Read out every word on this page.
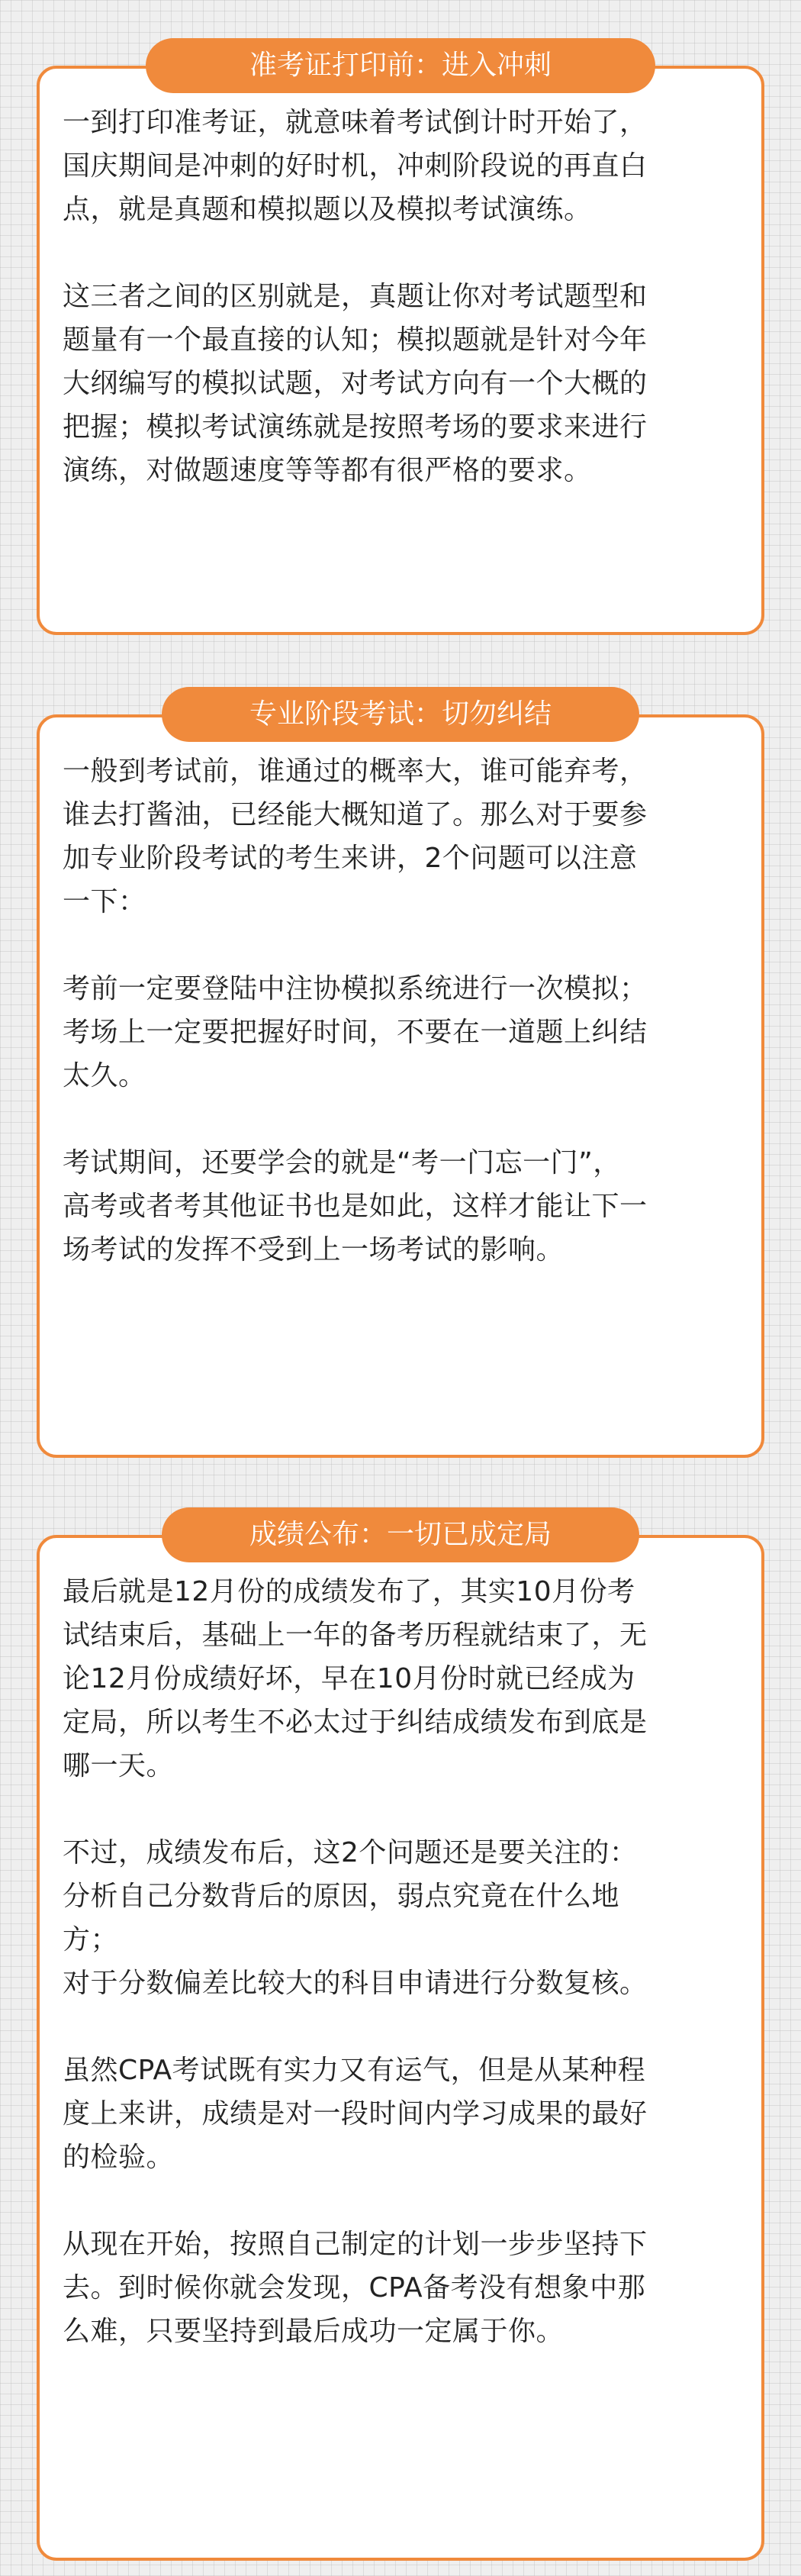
准考证打印前：进入冲刺

一到打印准考证，就意味着考试倒计时开始了，
国庆期间是冲刺的好时机，冲刺阶段说的再直白
点，就是真题和模拟题以及模拟考试演练。

这三者之间的区别就是，真题让你对考试题型和
题量有一个最直接的认知；模拟题就是针对今年
大纲编写的模拟试题，对考试方向有一个大概的
把握；模拟考试演练就是按照考场的要求来进行
演练，对做题速度等等都有很严格的要求。

专业阶段考试：切勿纠结

一般到考试前，谁通过的概率大，谁可能弃考，
谁去打酱油，已经能大概知道了。那么对于要参
加专业阶段考试的考生来讲，2个问题可以注意
一下：

考前一定要登陆中注协模拟系统进行一次模拟；
考场上一定要把握好时间，不要在一道题上纠结
太久。

考试期间，还要学会的就是“考一门忘一门”，
高考或者考其他证书也是如此，这样才能让下一
场考试的发挥不受到上一场考试的影响。

成绩公布：一切已成定局

最后就是12月份的成绩发布了，其实10月份考
试结束后，基础上一年的备考历程就结束了，无
论12月份成绩好坏，早在10月份时就已经成为
定局，所以考生不必太过于纠结成绩发布到底是
哪一天。

不过，成绩发布后，这2个问题还是要关注的：
分析自己分数背后的原因，弱点究竟在什么地
方；
对于分数偏差比较大的科目申请进行分数复核。

虽然CPA考试既有实力又有运气，但是从某种程
度上来讲，成绩是对一段时间内学习成果的最好
的检验。

从现在开始，按照自己制定的计划一步步坚持下
去。到时候你就会发现，CPA备考没有想象中那
么难，只要坚持到最后成功一定属于你。
